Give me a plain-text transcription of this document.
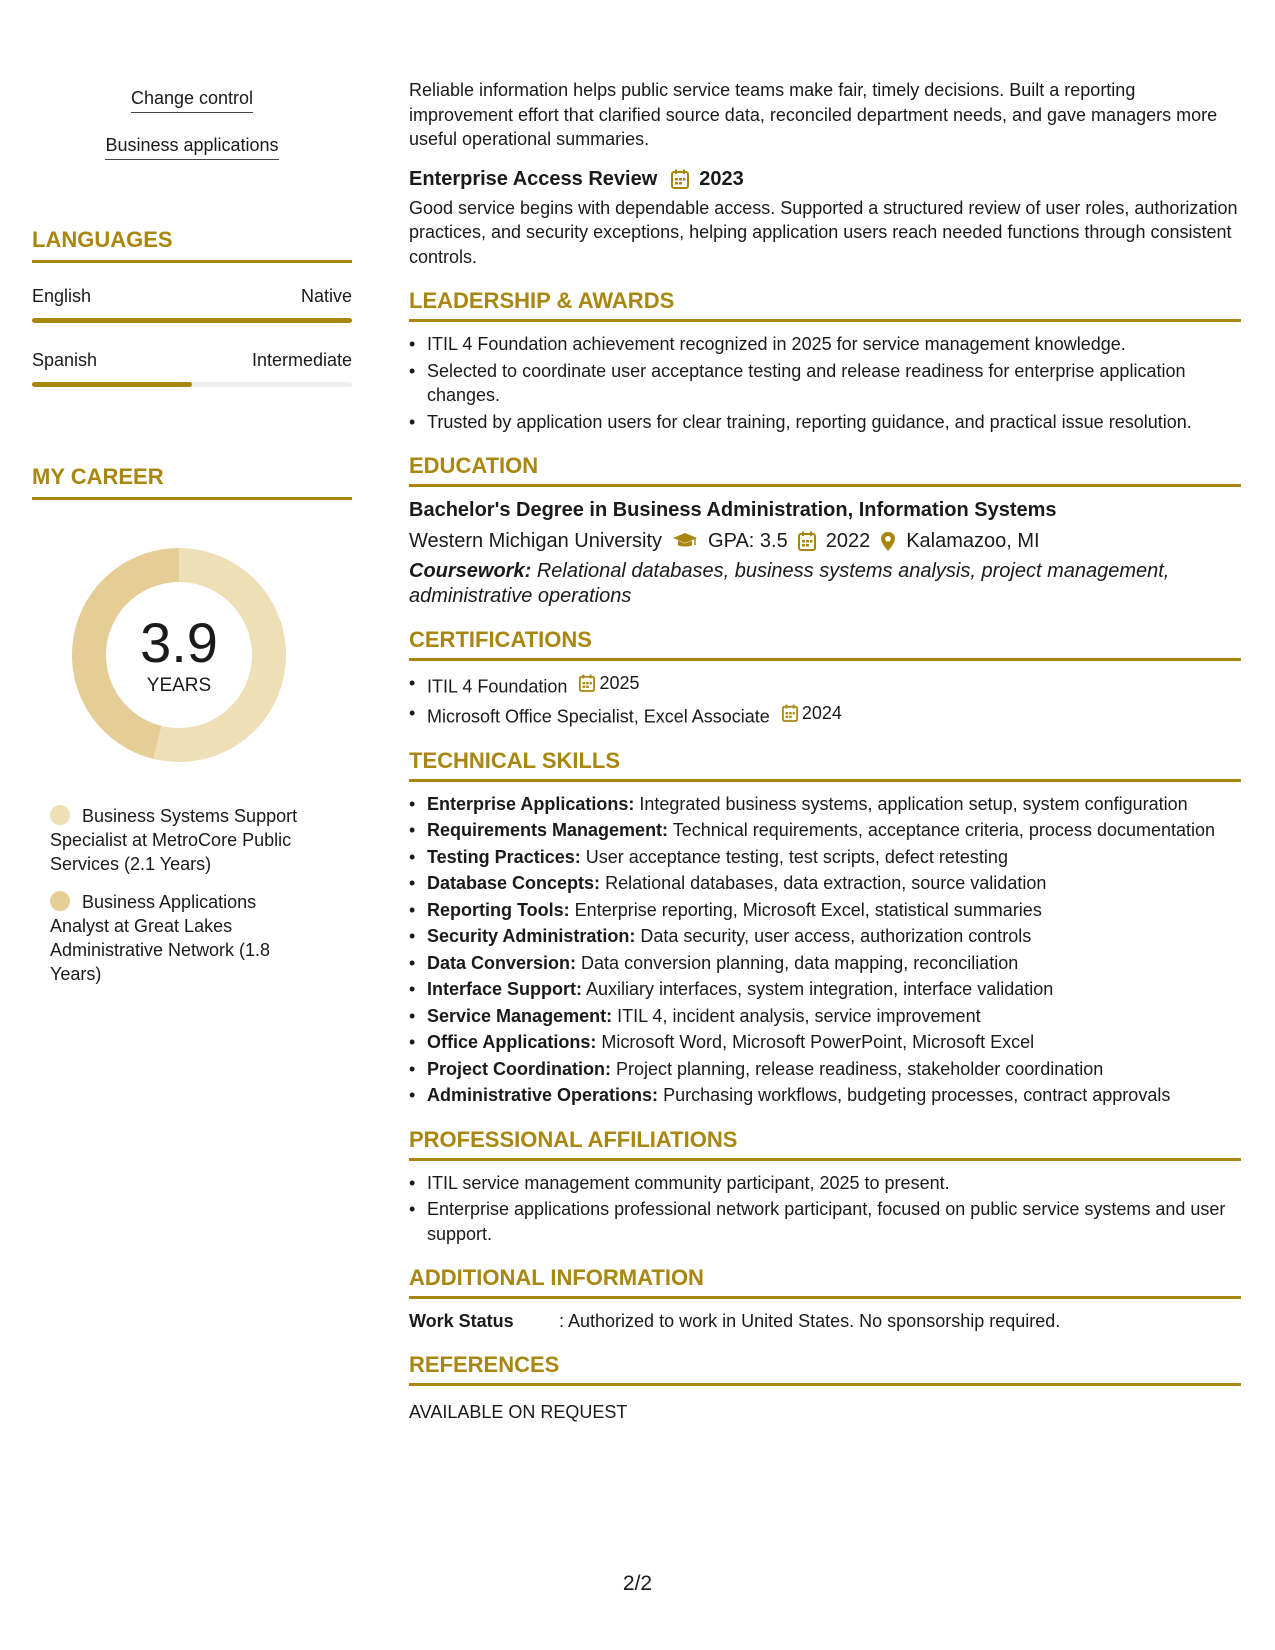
Change control
Business applications
LANGUAGES
English	Native
Spanish	Intermediate
MY CAREER
3.9
YEARS
Business Systems Support Specialist at MetroCore Public Services (2.1 Years)
Business Applications Analyst at Great Lakes Administrative Network (1.8 Years)

Reliable information helps public service teams make fair, timely decisions. Built a reporting improvement effort that clarified source data, reconciled department needs, and gave managers more useful operational summaries.

Enterprise Access Review 2023

Good service begins with dependable access. Supported a structured review of user roles, authorization practices, and security exceptions, helping application users reach needed functions through consistent controls.

LEADERSHIP & AWARDS
• ITIL 4 Foundation achievement recognized in 2025 for service management knowledge.
• Selected to coordinate user acceptance testing and release readiness for enterprise application changes.
• Trusted by application users for clear training, reporting guidance, and practical issue resolution.
EDUCATION
Bachelor's Degree in Business Administration, Information Systems
Western Michigan University GPA: 3.5 2022 Kalamazoo, MI
Coursework: Relational databases, business systems analysis, project management, administrative operations
CERTIFICATIONS
• ITIL 4 Foundation 2025
• Microsoft Office Specialist, Excel Associate 2024
TECHNICAL SKILLS
• Enterprise Applications: Integrated business systems, application setup, system configuration
• Requirements Management: Technical requirements, acceptance criteria, process documentation
• Testing Practices: User acceptance testing, test scripts, defect retesting
• Database Concepts: Relational databases, data extraction, source validation
• Reporting Tools: Enterprise reporting, Microsoft Excel, statistical summaries
• Security Administration: Data security, user access, authorization controls
• Data Conversion: Data conversion planning, data mapping, reconciliation
• Interface Support: Auxiliary interfaces, system integration, interface validation
• Service Management: ITIL 4, incident analysis, service improvement
• Office Applications: Microsoft Word, Microsoft PowerPoint, Microsoft Excel
• Project Coordination: Project planning, release readiness, stakeholder coordination
• Administrative Operations: Purchasing workflows, budgeting processes, contract approvals
PROFESSIONAL AFFILIATIONS
• ITIL service management community participant, 2025 to present.
• Enterprise applications professional network participant, focused on public service systems and user support.
ADDITIONAL INFORMATION
Work Status	: Authorized to work in United States. No sponsorship required.
REFERENCES
AVAILABLE ON REQUEST
2/2
